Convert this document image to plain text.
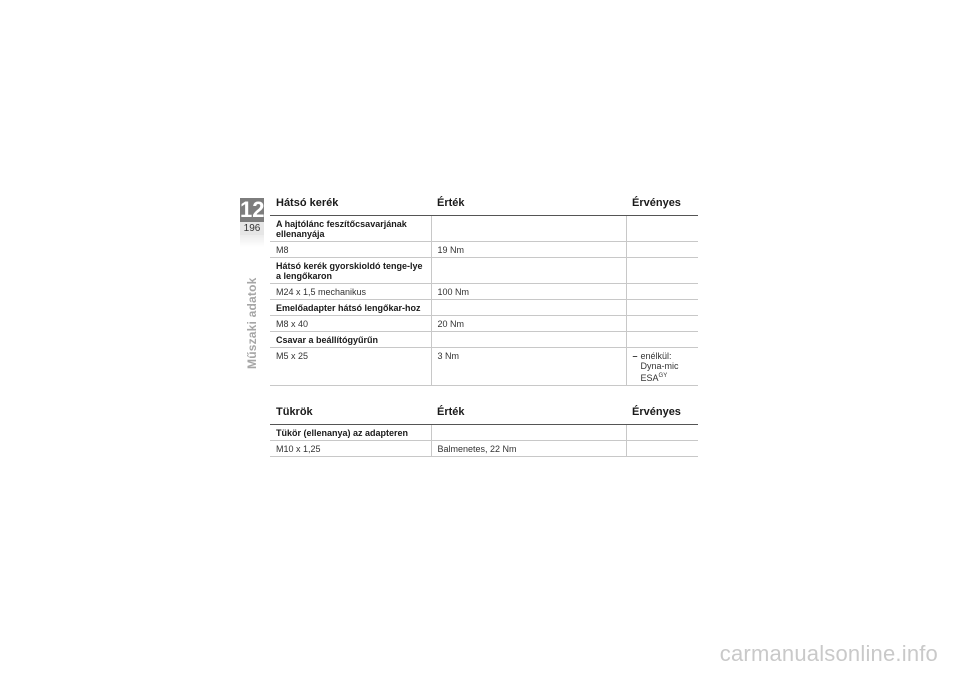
12
196
Műszaki adatok
Hátsó kerék	Érték	Érvényes
A hajtólánc feszítőcsavarjának ellenanyája		
M8	19 Nm	
Hátsó kerék gyorskioldó tenge-lye a lengőkaron		
M24 x 1,5 mechanikus	100 Nm	
Emelőadapter hátsó lengőkar-hoz		
M8 x 40	20 Nm	
Csavar a beállítógyűrűn		
M5 x 25	3 Nm	– enélkül: Dyna-mic $ESA^{GY}$
Tükrök	Érték	Érvényes
Tükör (ellenanya) az adapteren		
M10 x 1,25	Balmenetes, 22 Nm	
carmanualsonline.info
